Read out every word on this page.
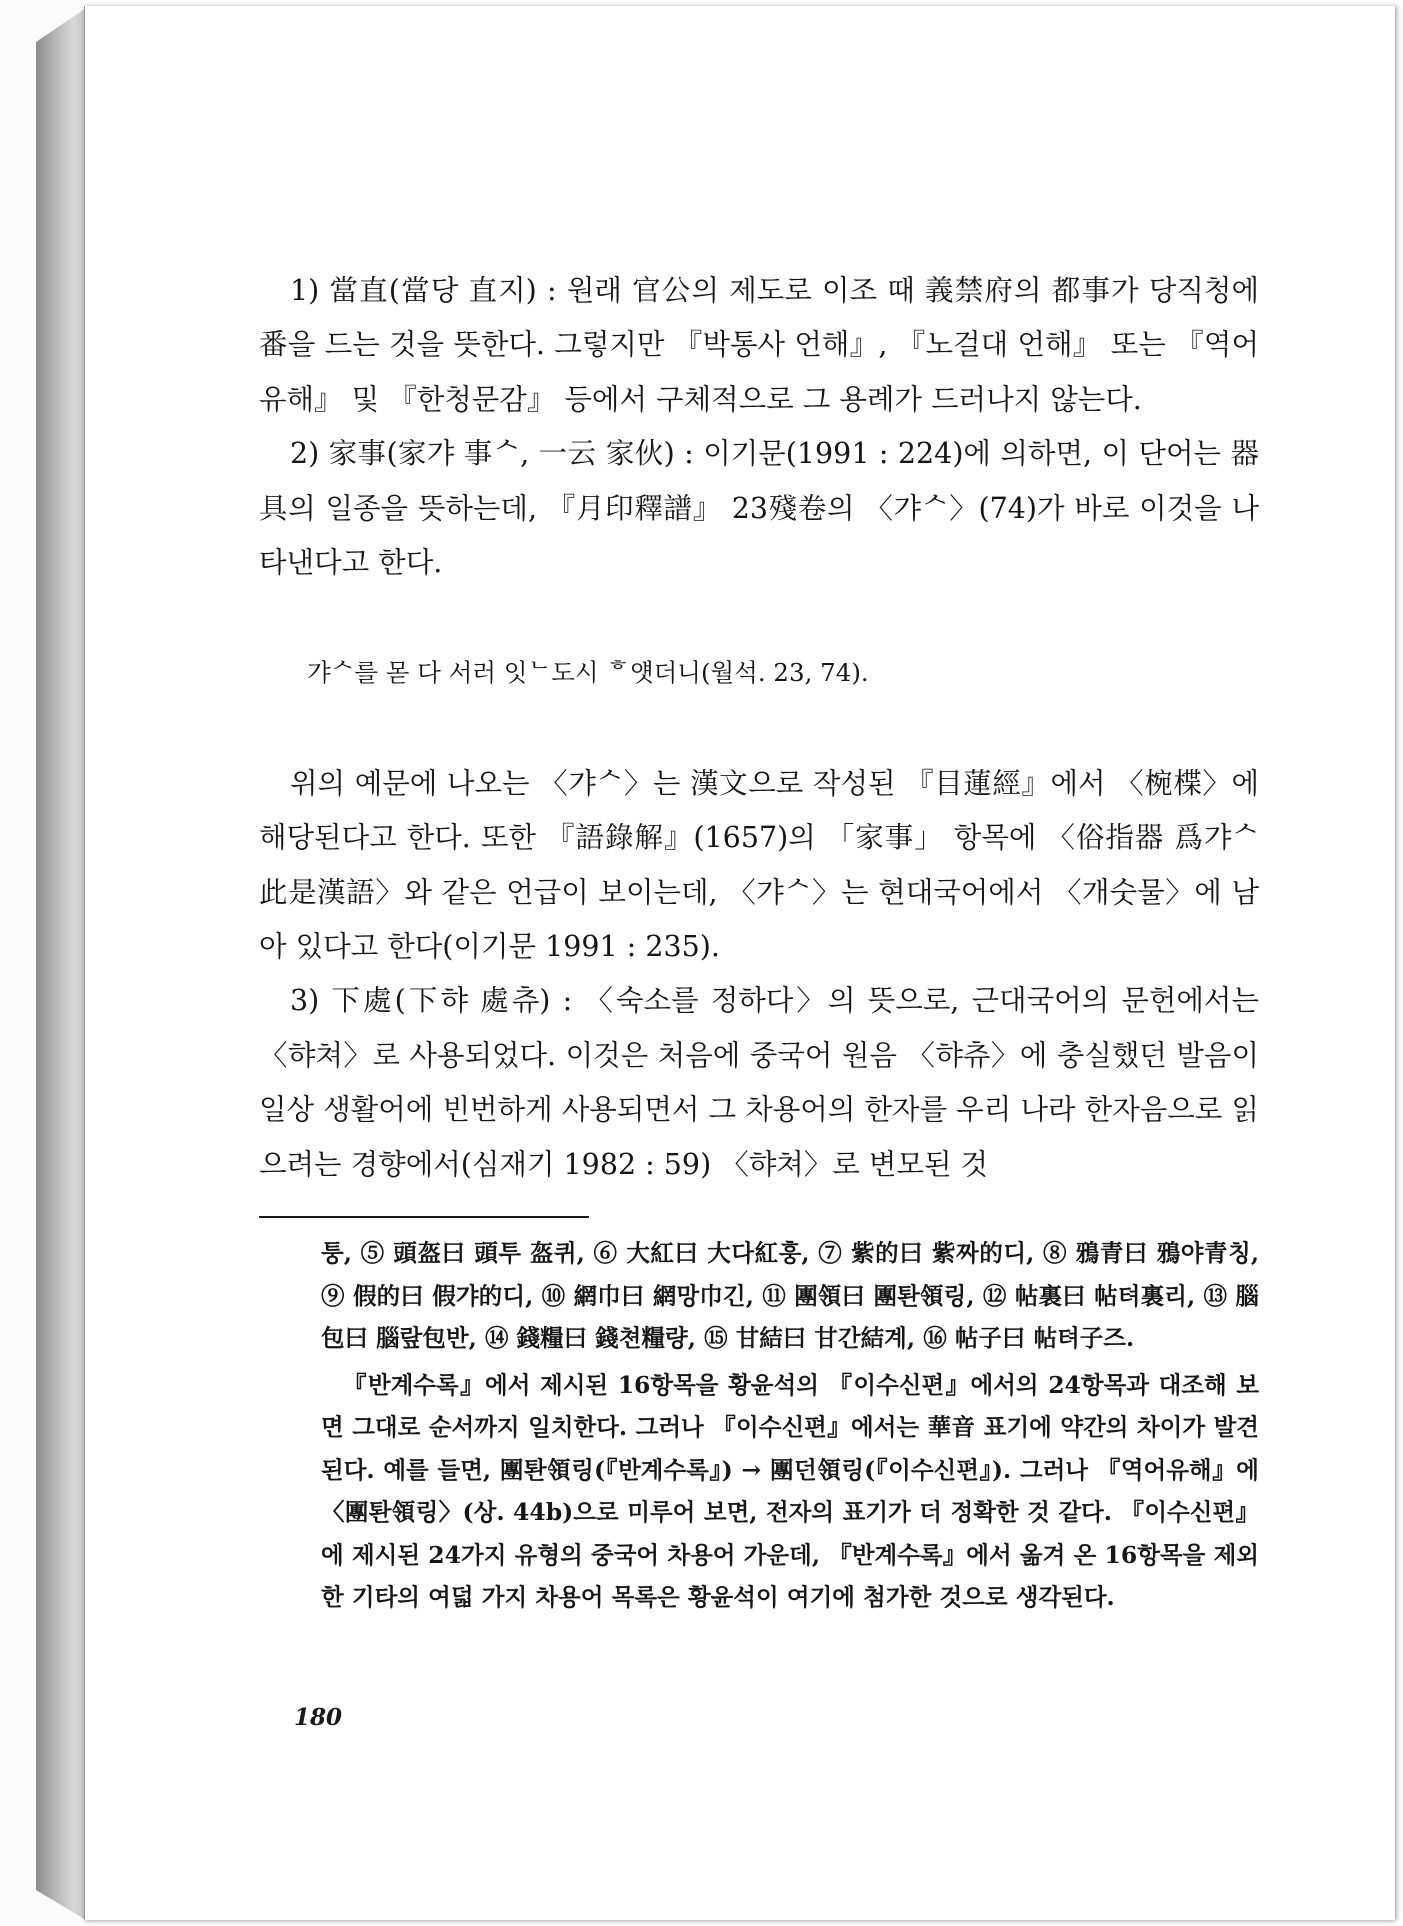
1) 當直(當당 直지) : 원래 官公의 제도로 이조 때 義禁府의 都事가 당직청에 番을 드는 것을 뜻한다. 그렇지만 『박통사 언해』, 『노걸대 언해』 또는 『역어유해』 및 『한청문감』 등에서 구체적으로 그 용례가 드러나지 않는다.

2) 家事(家갸 事ᄉ, 一云 家伙) : 이기문(1991 : 224)에 의하면, 이 단어는 器具의 일종을 뜻하는데, 『月印釋譜』 23殘卷의 〈갸ᄉ〉(74)가 바로 이것을 나타낸다고 한다.

갸ᄉ를 몯 다 서러 잇ᄂ도시 ᄒ얫더니(월석. 23, 74).

위의 예문에 나오는 〈갸ᄉ〉는 漢文으로 작성된 『目蓮經』에서 〈椀楪〉에 해당된다고 한다. 또한 『語錄解』(1657)의 「家事」 항목에 〈俗指器 爲갸ᄉ 此是漢語〉와 같은 언급이 보이는데, 〈갸ᄉ〉는 현대국어에서 〈개숫물〉에 남아 있다고 한다(이기문 1991 : 235).

3) 下處(下햐 處츄) : 〈숙소를 정하다〉의 뜻으로, 근대국어의 문헌에서는 〈햐쳐〉로 사용되었다. 이것은 처음에 중국어 원음 〈햐츄〉에 충실했던 발음이 일상 생활어에 빈번하게 사용되면서 그 차용어의 한자를 우리 나라 한자음으로 읽으려는 경향에서(심재기 1982 : 59) 〈햐쳐〉로 변모된 것

퉁, ⑤ 頭盔曰 頭투 盔퀴, ⑥ 大紅曰 大다紅훙, ⑦ 紫的曰 紫짜的디, ⑧ 鴉青曰 鴉야青칭, ⑨ 假的曰 假갸的디, ⑩ 網巾曰 網망巾긴, ⑪ 團領曰 團퇀領링, ⑫ 帖裏曰 帖텨裏리, ⑬ 腦包曰 腦랖包반, ⑭ 錢糧曰 錢쳔糧량, ⑮ 甘結曰 甘간結계, ⑯ 帖子曰 帖텨子즈.

『반계수록』에서 제시된 16항목을 황윤석의 『이수신편』에서의 24항목과 대조해 보면 그대로 순서까지 일치한다. 그러나 『이수신편』에서는 華音 표기에 약간의 차이가 발견된다. 예를 들면, 團퇀領링(『반계수록』) → 團던領링(『이수신편』). 그러나 『역어유해』에 〈團퇀領링〉(상. 44b)으로 미루어 보면, 전자의 표기가 더 정확한 것 같다. 『이수신편』에 제시된 24가지 유형의 중국어 차용어 가운데, 『반계수록』에서 옮겨 온 16항목을 제외한 기타의 여덟 가지 차용어 목록은 황윤석이 여기에 첨가한 것으로 생각된다.

180
